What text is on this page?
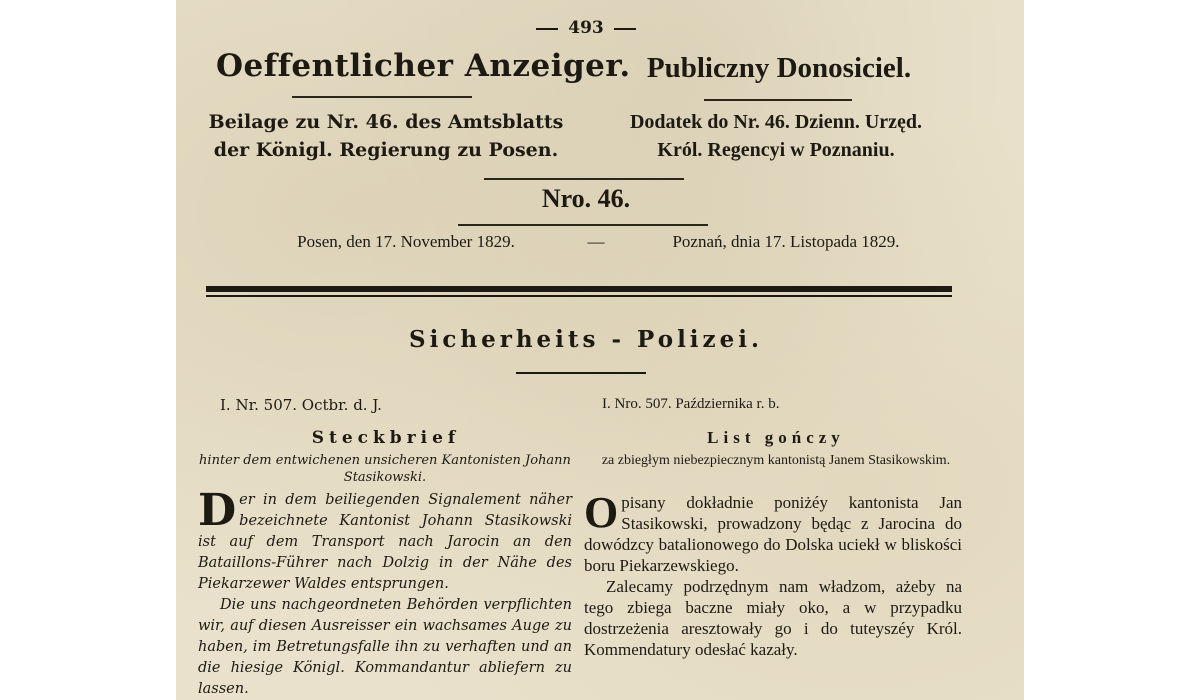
493
Oeffentlicher Anzeiger. Publiczny Donosiciel.
Beilage zu Nr. 46. des Amtsblatts
der Königl. Regierung zu Posen.
Dodatek do Nr. 46. Dzienn. Urzęd.
Król. Regencyi w Poznaniu.
Nro. 46.
Posen, den 17. November 1829.	—	Poznań, dnia 17. Listopada 1829.
Sicherheits - Polizei.
I. Nr. 507. Octbr. d. J.	I. Nro. 507. Października r. b.
Steckbrief	List gończy
hinter dem entwichenen unsicheren Kantonisten Johann Stasikowski.
za zbiegłym niebezpiecznym kantonistą Janem Stasikowskim.

Der in dem beiliegenden Signalement näher bezeichnete Kantonist Johann Stasikowski ist auf dem Transport nach Jarocin an den Bataillons-Führer nach Dolzig in der Nähe des Piekarzewer Waldes entsprungen.

Die uns nachgeordneten Behörden verpflichten wir, auf diesen Ausreisser ein wachsames Auge zu haben, im Betretungsfalle ihn zu verhaften und an die hiesige Königl. Kommandantur abliefern zu lassen.

Opisany dokładnie poniżéy kantonista Jan Stasikowski, prowadzony będąc z Jarocina do dowódzcy batalionowego do Dolska uciekł w bliskości boru Piekarzewskiego.

Zalecamy podrzędnym nam władzom, ażeby na tego zbiega baczne miały oko, a w przypadku dostrzeżenia aresztowały go i do tuteyszéy Król. Kommendatury odesłać kazały.
